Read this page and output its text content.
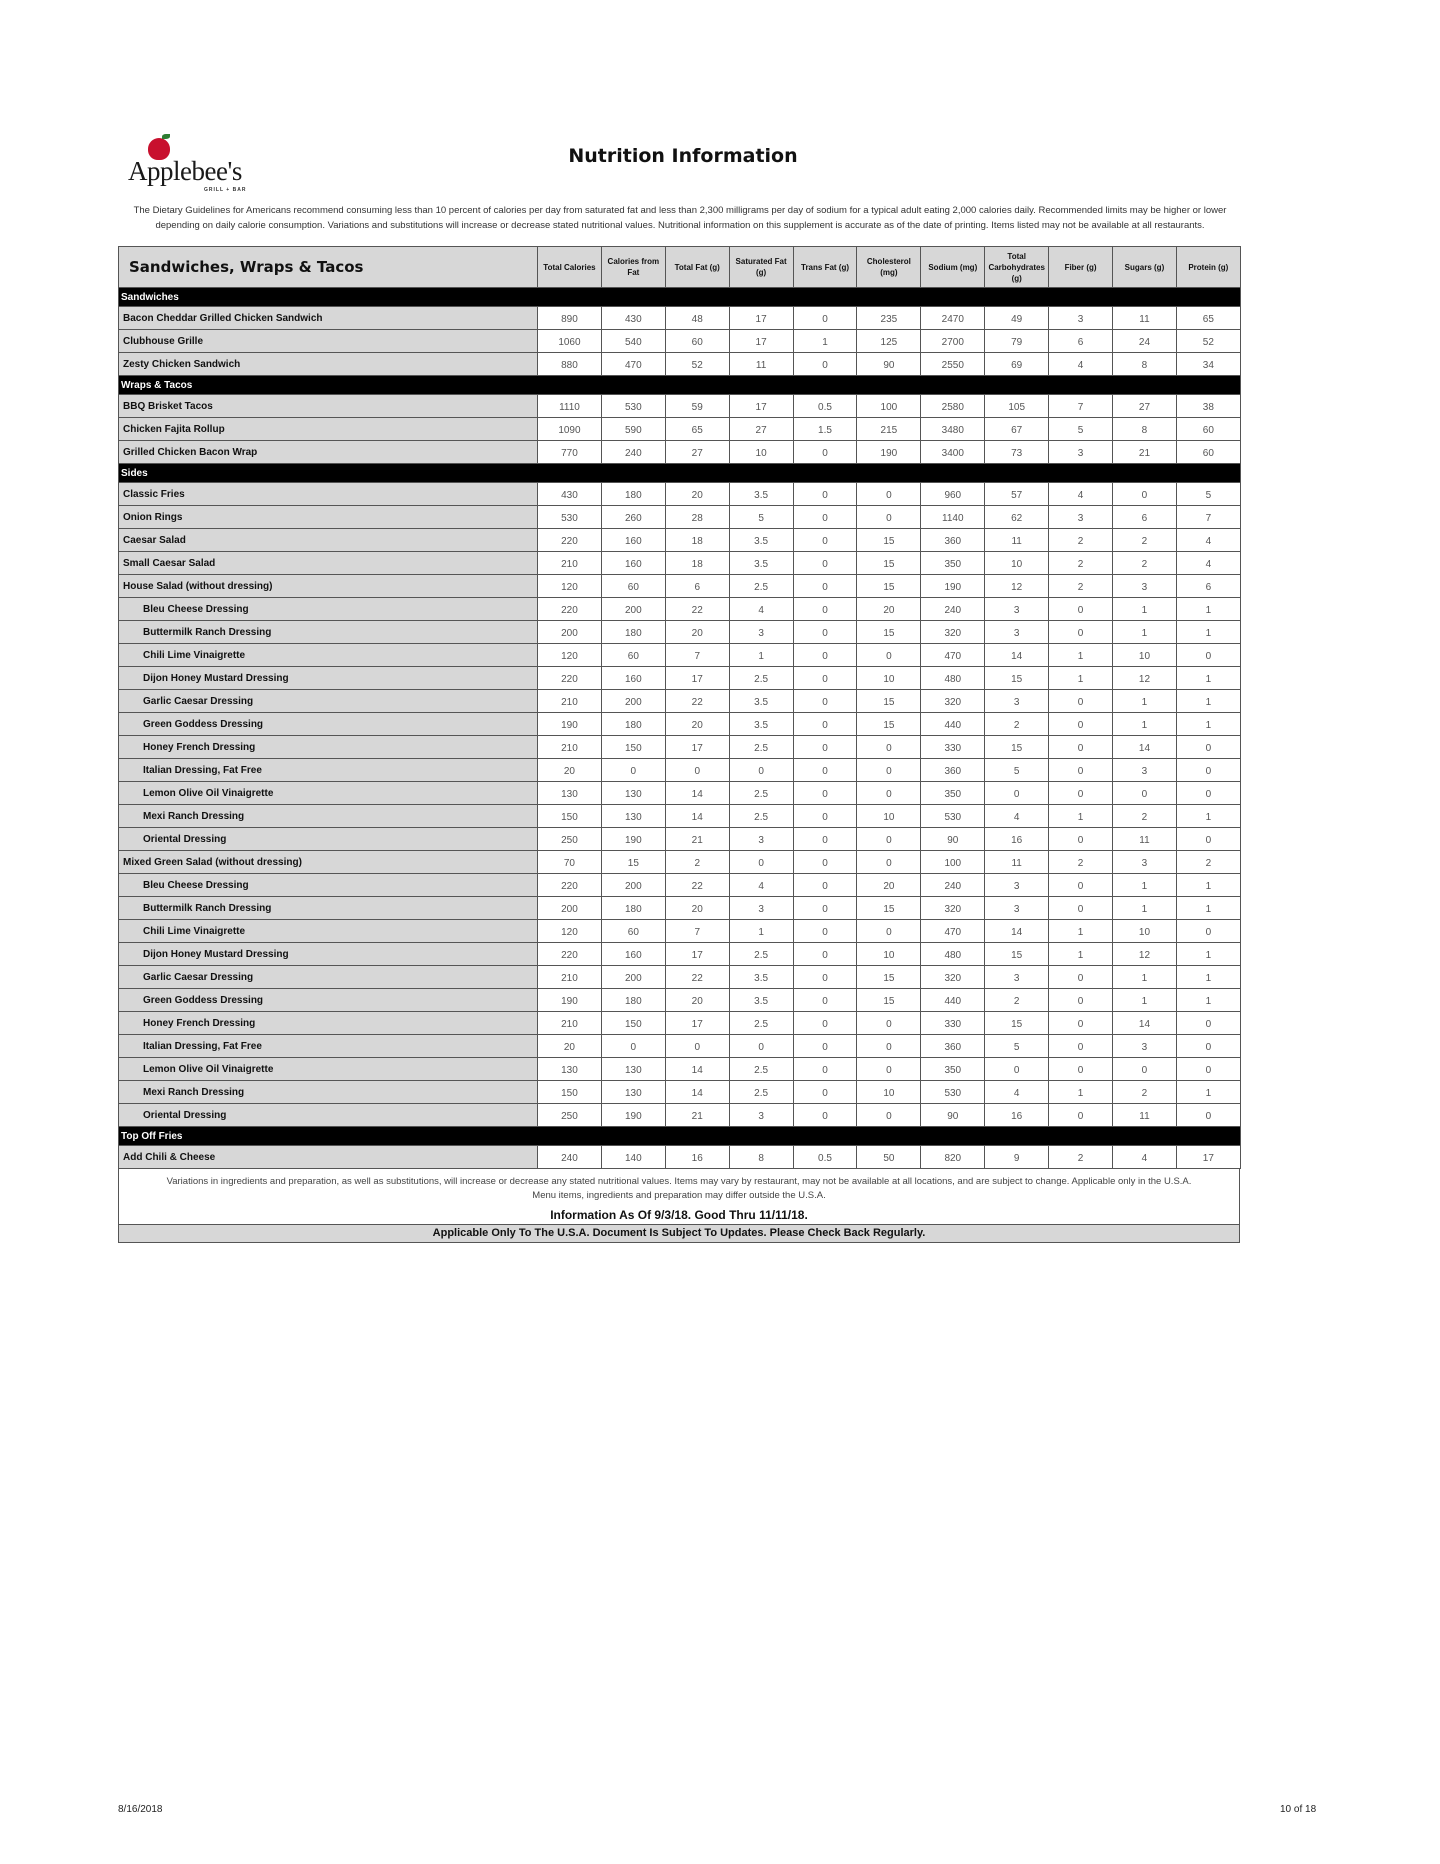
Applebee's
GRILL + BAR
Nutrition Information
The Dietary Guidelines for Americans recommend consuming less than 10 percent of calories per day from saturated fat and less than 2,300 milligrams per day of sodium for a typical adult eating 2,000 calories daily. Recommended limits may be higher or lower depending on daily calorie consumption. Variations and substitutions will increase or decrease stated nutritional values. Nutritional information on this supplement is accurate as of the date of printing. Items listed may not be available at all restaurants.
Sandwiches, Wraps & Tacos	Total Calories	Calories from Fat	Total Fat (g)	Saturated Fat (g)	Trans Fat (g)	Cholesterol (mg)	Sodium (mg)	Total Carbohydrates (g)	Fiber (g)	Sugars (g)	Protein (g)
Sandwiches											
Bacon Cheddar Grilled Chicken Sandwich	890	430	48	17	0	235	2470	49	3	11	65
Clubhouse Grille	1060	540	60	17	1	125	2700	79	6	24	52
Zesty Chicken Sandwich	880	470	52	11	0	90	2550	69	4	8	34
Wraps & Tacos											
BBQ Brisket Tacos	1110	530	59	17	0.5	100	2580	105	7	27	38
Chicken Fajita Rollup	1090	590	65	27	1.5	215	3480	67	5	8	60
Grilled Chicken Bacon Wrap	770	240	27	10	0	190	3400	73	3	21	60
Sides											
Classic Fries	430	180	20	3.5	0	0	960	57	4	0	5
Onion Rings	530	260	28	5	0	0	1140	62	3	6	7
Caesar Salad	220	160	18	3.5	0	15	360	11	2	2	4
Small Caesar Salad	210	160	18	3.5	0	15	350	10	2	2	4
House Salad (without dressing)	120	60	6	2.5	0	15	190	12	2	3	6
Bleu Cheese Dressing	220	200	22	4	0	20	240	3	0	1	1
Buttermilk Ranch Dressing	200	180	20	3	0	15	320	3	0	1	1
Chili Lime Vinaigrette	120	60	7	1	0	0	470	14	1	10	0
Dijon Honey Mustard Dressing	220	160	17	2.5	0	10	480	15	1	12	1
Garlic Caesar Dressing	210	200	22	3.5	0	15	320	3	0	1	1
Green Goddess Dressing	190	180	20	3.5	0	15	440	2	0	1	1
Honey French Dressing	210	150	17	2.5	0	0	330	15	0	14	0
Italian Dressing, Fat Free	20	0	0	0	0	0	360	5	0	3	0
Lemon Olive Oil Vinaigrette	130	130	14	2.5	0	0	350	0	0	0	0
Mexi Ranch Dressing	150	130	14	2.5	0	10	530	4	1	2	1
Oriental Dressing	250	190	21	3	0	0	90	16	0	11	0
Mixed Green Salad (without dressing)	70	15	2	0	0	0	100	11	2	3	2
Bleu Cheese Dressing	220	200	22	4	0	20	240	3	0	1	1
Buttermilk Ranch Dressing	200	180	20	3	0	15	320	3	0	1	1
Chili Lime Vinaigrette	120	60	7	1	0	0	470	14	1	10	0
Dijon Honey Mustard Dressing	220	160	17	2.5	0	10	480	15	1	12	1
Garlic Caesar Dressing	210	200	22	3.5	0	15	320	3	0	1	1
Green Goddess Dressing	190	180	20	3.5	0	15	440	2	0	1	1
Honey French Dressing	210	150	17	2.5	0	0	330	15	0	14	0
Italian Dressing, Fat Free	20	0	0	0	0	0	360	5	0	3	0
Lemon Olive Oil Vinaigrette	130	130	14	2.5	0	0	350	0	0	0	0
Mexi Ranch Dressing	150	130	14	2.5	0	10	530	4	1	2	1
Oriental Dressing	250	190	21	3	0	0	90	16	0	11	0
Top Off Fries											
Add Chili & Cheese	240	140	16	8	0.5	50	820	9	2	4	17
Variations in ingredients and preparation, as well as substitutions, will increase or decrease any stated nutritional values. Items may vary by restaurant, may not be available at all locations, and are subject to change. Applicable only in the U.S.A. Menu items, ingredients and preparation may differ outside the U.S.A.
Information As Of 9/3/18. Good Thru 11/11/18.
Applicable Only To The U.S.A. Document Is Subject To Updates. Please Check Back Regularly.
8/16/2018	10 of 18
